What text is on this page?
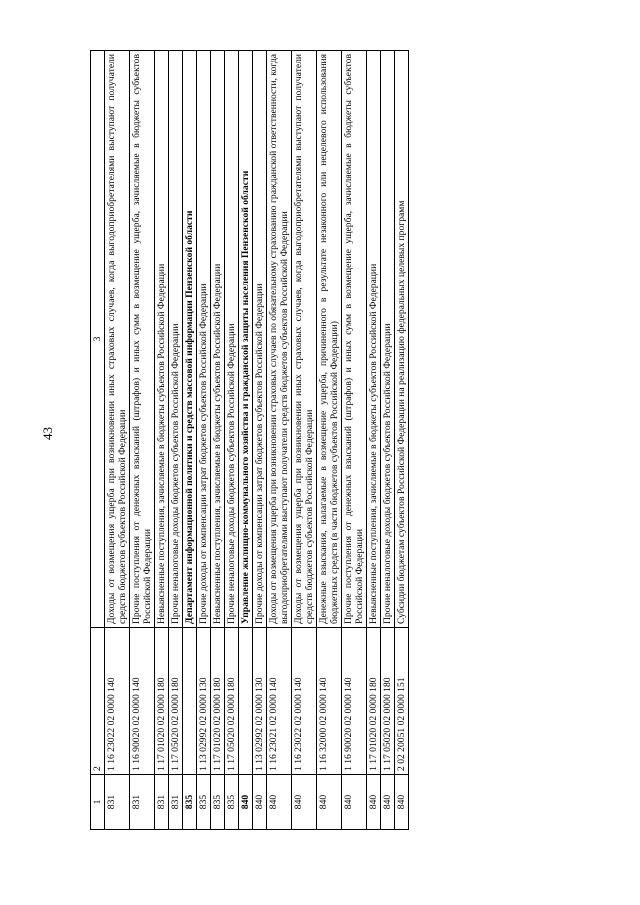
43
1	2	3
831	1 16 23022 02 0000 140	Доходы от возмещения ущерба при возникновении иных страховых случаев, когда выгодоприобретателями выступают получатели средств бюджетов субъектов Российской Федерации
831	1 16 90020 02 0000 140	Прочие поступления от денежных взысканий (штрафов) и иных сумм в возмещение ущерба, зачисляемые в бюджеты субъектов Российской Федерации
831	1 17 01020 02 0000 180	Невыясненные поступления, зачисляемые в бюджеты субъектов Российской Федерации
831	1 17 05020 02 0000 180	Прочие неналоговые доходы бюджетов субъектов Российской Федерации
835		Департамент информационной политики и средств массовой информации Пензенской области
835	1 13 02992 02 0000 130	Прочие доходы от компенсации затрат бюджетов субъектов Российской Федерации
835	1 17 01020 02 0000 180	Невыясненные поступления, зачисляемые в бюджеты субъектов Российской Федерации
835	1 17 05020 02 0000 180	Прочие неналоговые доходы бюджетов субъектов Российской Федерации
840		Управление жилищно-коммунального хозяйства и гражданской защиты населения Пензенской области
840	1 13 02992 02 0000 130	Прочие доходы от компенсации затрат бюджетов субъектов Российской Федерации
840	1 16 23021 02 0000 140	Доходы от возмещения ущерба при возникновении страховых случаев по обязательному страхованию гражданской ответственности, когда выгодоприобретателями выступают получатели средств бюджетов субъектов Российской Федерации
840	1 16 23022 02 0000 140	Доходы от возмещения ущерба при возникновении иных страховых случаев, когда выгодоприобретателями выступают получатели средств бюджетов субъектов Российской Федерации
840	1 16 32000 02 0000 140	Денежные взыскания, налагаемые в возмещение ущерба, причиненного в результате незаконного или нецелевого использования бюджетных средств (в части бюджетов субъектов Российской Федерации)
840	1 16 90020 02 0000 140	Прочие поступления от денежных взысканий (штрафов) и иных сумм в возмещение ущерба, зачисляемые в бюджеты субъектов Российской Федерации
840	1 17 01020 02 0000 180	Невыясненные поступления, зачисляемые в бюджеты субъектов Российской Федерации
840	1 17 05020 02 0000 180	Прочие неналоговые доходы бюджетов субъектов Российской Федерации
840	2 02 20051 02 0000 151	Субсидии бюджетам субъектов Российской Федерации на реализацию федеральных целевых программ
